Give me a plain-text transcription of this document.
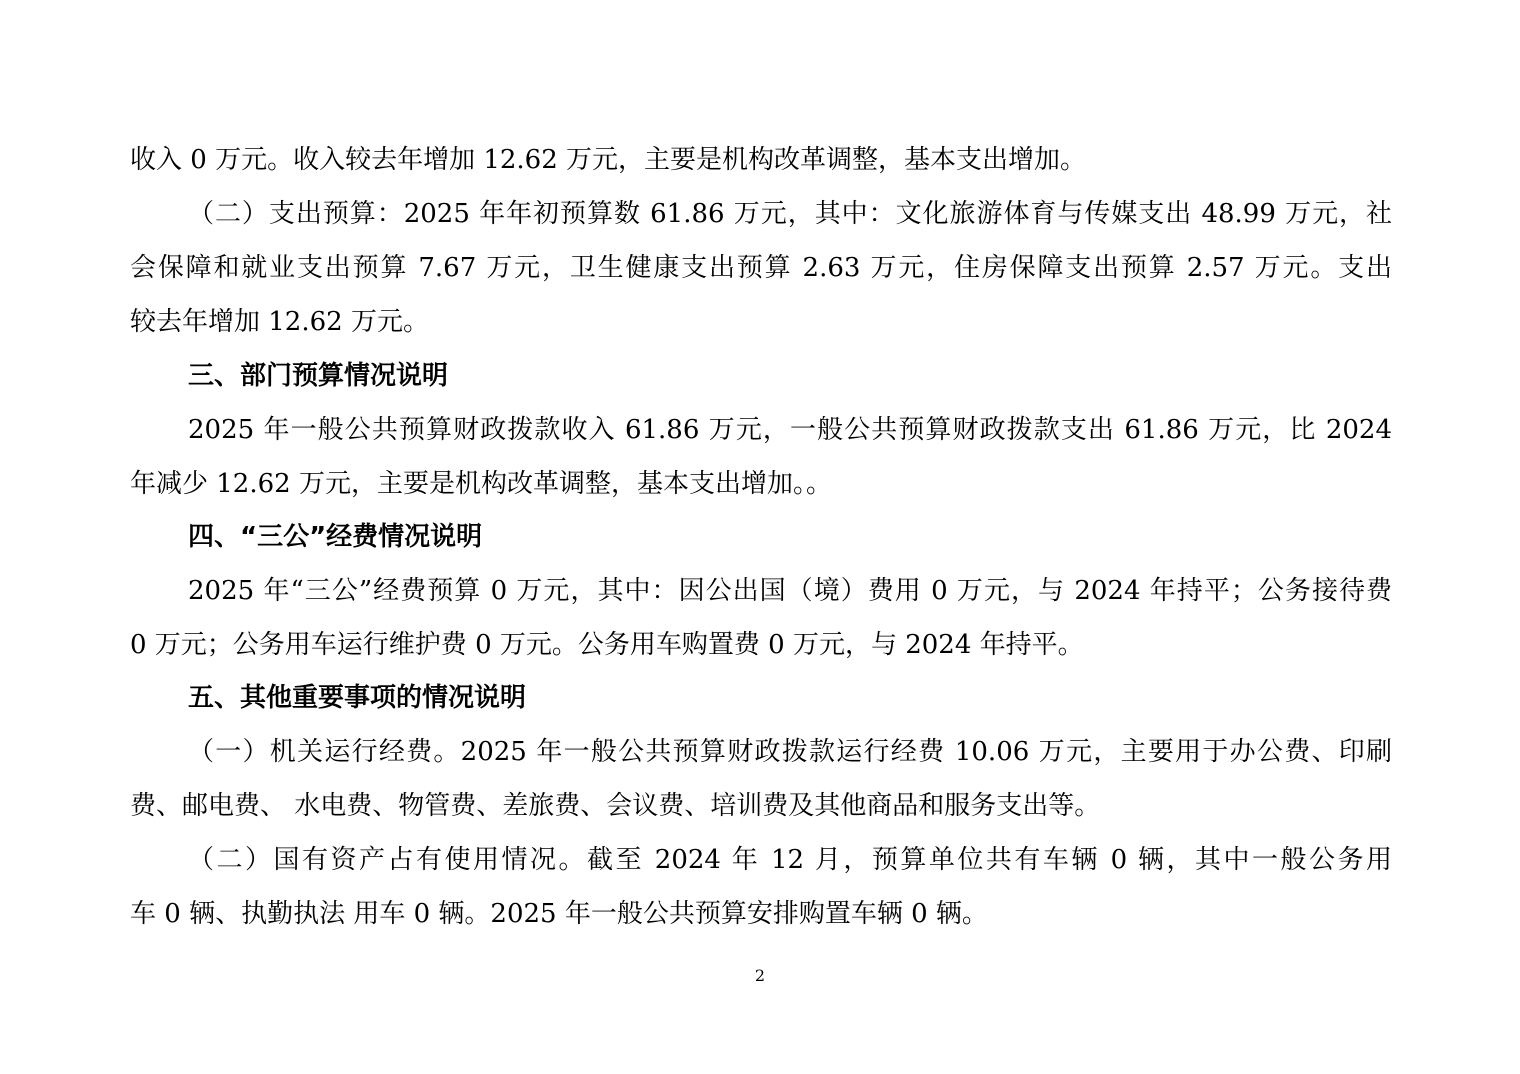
收入 0 万元。收入较去年增加 12.62 万元，主要是机构改革调整，基本支出增加。
（二）支出预算：2025 年年初预算数 61.86 万元，其中：文化旅游体育与传媒支出 48.99 万元，社
会保障和就业支出预算 7.67 万元，卫生健康支出预算 2.63 万元，住房保障支出预算 2.57 万元。支出
较去年增加 12.62 万元。
三、部门预算情况说明
2025 年一般公共预算财政拨款收入 61.86 万元，一般公共预算财政拨款支出 61.86 万元，比 2024
年减少 12.62 万元，主要是机构改革调整，基本支出增加。。
四、“三公”经费情况说明
2025 年“三公”经费预算 0 万元，其中：因公出国（境）费用 0 万元，与 2024 年持平；公务接待费
0 万元；公务用车运行维护费 0 万元。公务用车购置费 0 万元，与 2024 年持平。
五、其他重要事项的情况说明
（一）机关运行经费。2025 年一般公共预算财政拨款运行经费 10.06 万元，主要用于办公费、印刷
费、邮电费、 水电费、物管费、差旅费、会议费、培训费及其他商品和服务支出等。
（二）国有资产占有使用情况。截至 2024 年 12 月，预算单位共有车辆 0 辆，其中一般公务用
车 0 辆、执勤执法 用车 0 辆。2025 年一般公共预算安排购置车辆 0 辆。
2
